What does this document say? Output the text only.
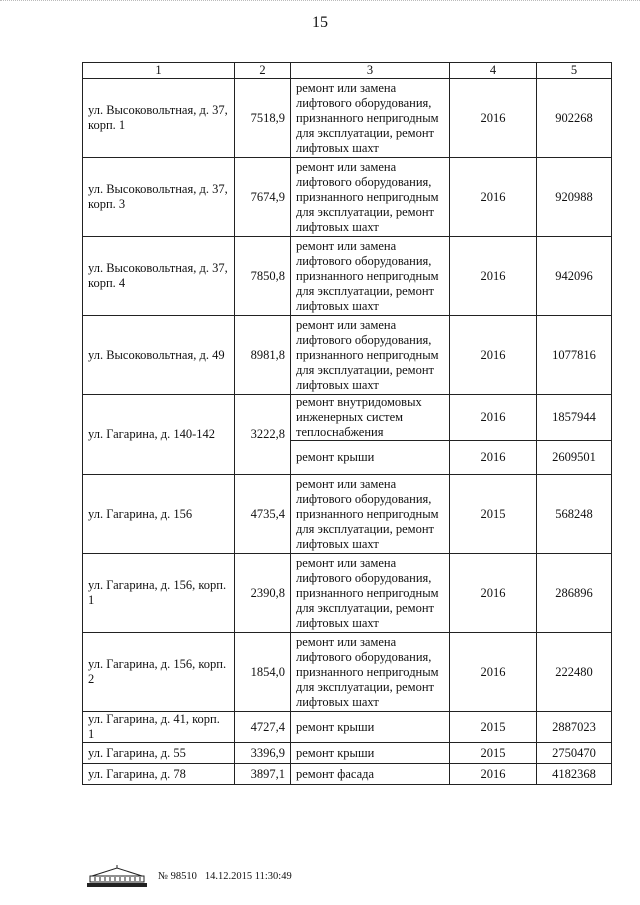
15
1	2	3	4	5
ул. Высоковольтная, д. 37, корп. 1	7518,9	ремонт или замена лифтового оборудования, признанного непригодным для эксплуатации, ремонт лифтовых шахт	2016	902268
ул. Высоковольтная, д. 37, корп. 3	7674,9	ремонт или замена лифтового оборудования, признанного непригодным для эксплуатации, ремонт лифтовых шахт	2016	920988
ул. Высоковольтная, д. 37, корп. 4	7850,8	ремонт или замена лифтового оборудования, признанного непригодным для эксплуатации, ремонт лифтовых шахт	2016	942096
ул. Высоковольтная, д. 49	8981,8	ремонт или замена лифтового оборудования, признанного непригодным для эксплуатации, ремонт лифтовых шахт	2016	1077816
ул. Гагарина, д. 140-142	3222,8	ремонт внутридомовых инженерных систем теплоснабжения	2016	1857944
		ремонт крыши	2016	2609501
ул. Гагарина, д. 156	4735,4	ремонт или замена лифтового оборудования, признанного непригодным для эксплуатации, ремонт лифтовых шахт	2015	568248
ул. Гагарина, д. 156, корп. 1	2390,8	ремонт или замена лифтового оборудования, признанного непригодным для эксплуатации, ремонт лифтовых шахт	2016	286896
ул. Гагарина, д. 156, корп. 2	1854,0	ремонт или замена лифтового оборудования, признанного непригодным для эксплуатации, ремонт лифтовых шахт	2016	222480
ул. Гагарина, д. 41, корп. 1	4727,4	ремонт крыши	2015	2887023
ул. Гагарина, д. 55	3396,9	ремонт крыши	2015	2750470
ул. Гагарина, д. 78	3897,1	ремонт фасада	2016	4182368
№ 98510 14.12.2015 11:30:49
